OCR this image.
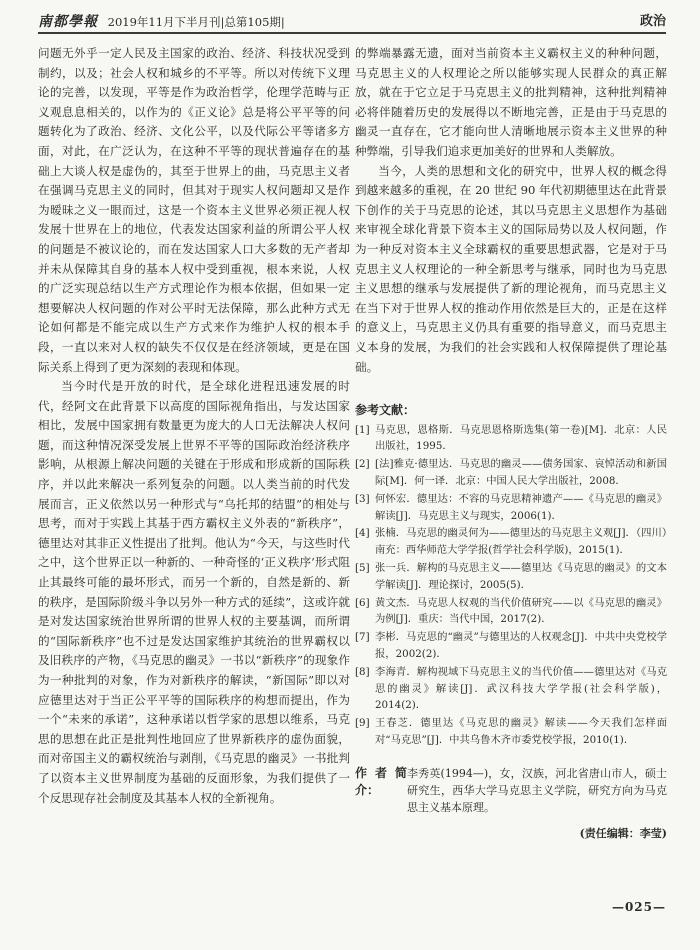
南都學報 2019年11月下半月刊|总第105期|	政治

问题无外乎一定人民及主国家的政治、经济、科技状况受到制约，以及；社会人权和城乡的不平等。所以对传统下义理论的完善，以发现，平等是作为政治哲学，伦理学范畴与正义观息息相关的，以作为的《正义论》总是将公平平等的问题转化为了政治、经济、文化公平，以及代际公平等诸多方面，对此，在广泛认为，在这种不平等的现状普遍存在的基础上大谈人权是虚伪的，其至于世界上的曲，马克思主义者在强调马克思主义的同时，但其对于现实人权问题却又是作为暧昧之义一眼而过，这是一个资本主义世界必须正视人权发展十世界在上的地位，代表发达国家利益的所谓公平人权的问题是不被议论的，而在发达国家人口大多数的无产者却并未从保障其自身的基本人权中受到重视，根本来说，人权的广泛实现总结以生产方式理论作为根本依据，但如果一定想要解决人权问题的作对公平时无法保障，那么此种方式无论如何都是不能完成以生产方式来作为维护人权的根本手段，一直以来对人权的缺失不仅仅是在经济领域，更是在国际关系上得到了更为深刻的表现和体现。

当今时代是开放的时代，是全球化进程迅速发展的时代，经阿文在此背景下以高度的国际视角指出，与发达国家相比，发展中国家拥有数量更为庞大的人口无法解决人权问题，而这种情况深受发展上世界不平等的国际政治经济秩序影响，从根源上解决问题的关键在于形成和形成新的国际秩序，并以此来解决一系列复杂的问题。以人类当前的时代发展而言，正义依然以另一种形式与“乌托邦的结盟”的相处与思考，而对于实践上其基于西方霸权主义外表的“新秩序”，德里达对其非正义性提出了批判。他认为“今天，与这些时代之中，这个世界正以一种新的、一种奇怪的‘正义秩序’形式阻止其最终可能的最坏形式，而另一个新的，自然是新的、新的秩序，是国际阶级斗争以另外一种方式的延续”，这或许就是对发达国家统治世界所谓的世界人权的主要基调，而所谓的“国际新秩序”也不过是发达国家维护其统治的世界霸权以及旧秩序的产物，《马克思的幽灵》一书以“新秩序”的现象作为一种批判的对象，作为对新秩序的解读，“新国际”即以对应德里达对于当正公平平等的国际秩序的构想而提出，作为一个“未来的承诺”，这种承诺以哲学家的思想以维系，马克思的思想在此正是批判性地回应了世界新秩序的虚伪面貌，而对帝国主义的霸权统治与剥削，《马克思的幽灵》一书批判了以资本主义世界制度为基础的反面形象，为我们提供了一个反思现存社会制度及其基本人权的全新视角。

的弊端暴露无遗，面对当前资本主义霸权主义的种种问题，马克思主义的人权理论之所以能够实现人民群众的真正解放，就在于它立足于马克思主义的批判精神，这种批判精神必将伴随着历史的发展得以不断地完善，正是由于马克思的幽灵一直存在，它才能向世人清晰地展示资本主义世界的种种弊端，引导我们追求更加美好的世界和人类解放。

当今，人类的思想和文化的研究中，世界人权的概念得到越来越多的重视，在 20 世纪 90 年代初期德里达在此背景下创作的关于马克思的论述，其以马克思主义思想作为基础来审视全球化背景下资本主义的国际局势以及人权问题，作为一种反对资本主义全球霸权的重要思想武器，它是对于马克思主义人权理论的一种全新思考与继承，同时也为马克思主义思想的继承与发展提供了新的理论视角，而马克思主义在当下对于世界人权的推动作用依然是巨大的，正是在这样的意义上，马克思主义仍具有重要的指导意义，而马克思主义本身的发展，为我们的社会实践和人权保障提供了理论基础。

参考文献：
[1] 马克思，恩格斯．马克思恩格斯选集(第一卷)[M]．北京：人民出版社，1995．
[2] [法]雅克·德里达．马克思的幽灵——债务国家、哀悼活动和新国际[M]．何一译．北京：中国人民大学出版社，2008．
[3] 何怀宏．德里达：不容的马克思精神遗产——《马克思的幽灵》解读[J]．马克思主义与现实，2006(1)．
[4] 张楠．马克思的幽灵何为——德里达的马克思主义观[J]．（四川）南充：西华师范大学学报(哲学社会科学版)，2015(1)．
[5] 张一兵．解构的马克思主义——德里达《马克思的幽灵》的文本学解读[J]．理论探讨，2005(5)．
[6] 黄文杰．马克思人权观的当代价值研究——以《马克思的幽灵》为例[J]．重庆：当代中国，2017(2)．
[7] 李彬．马克思的“幽灵”与德里达的人权观念[J]．中共中央党校学报，2002(2)．
[8] 李海青．解构视域下马克思主义的当代价值——德里达对《马克思的幽灵》解读[J]．武汉科技大学学报(社会科学版)，2014(2)．
[9] 王春芝．德里达《马克思的幽灵》解读——今天我们怎样面对“马克思”[J]．中共乌鲁木齐市委党校学报，2010(1)．
作者简介：
李秀英(1994—)，女，汉族，河北省唐山市人，硕士研究生，西华大学马克思主义学院，研究方向为马克思主义基本原理。
(责任编辑：李莹)
—025—
